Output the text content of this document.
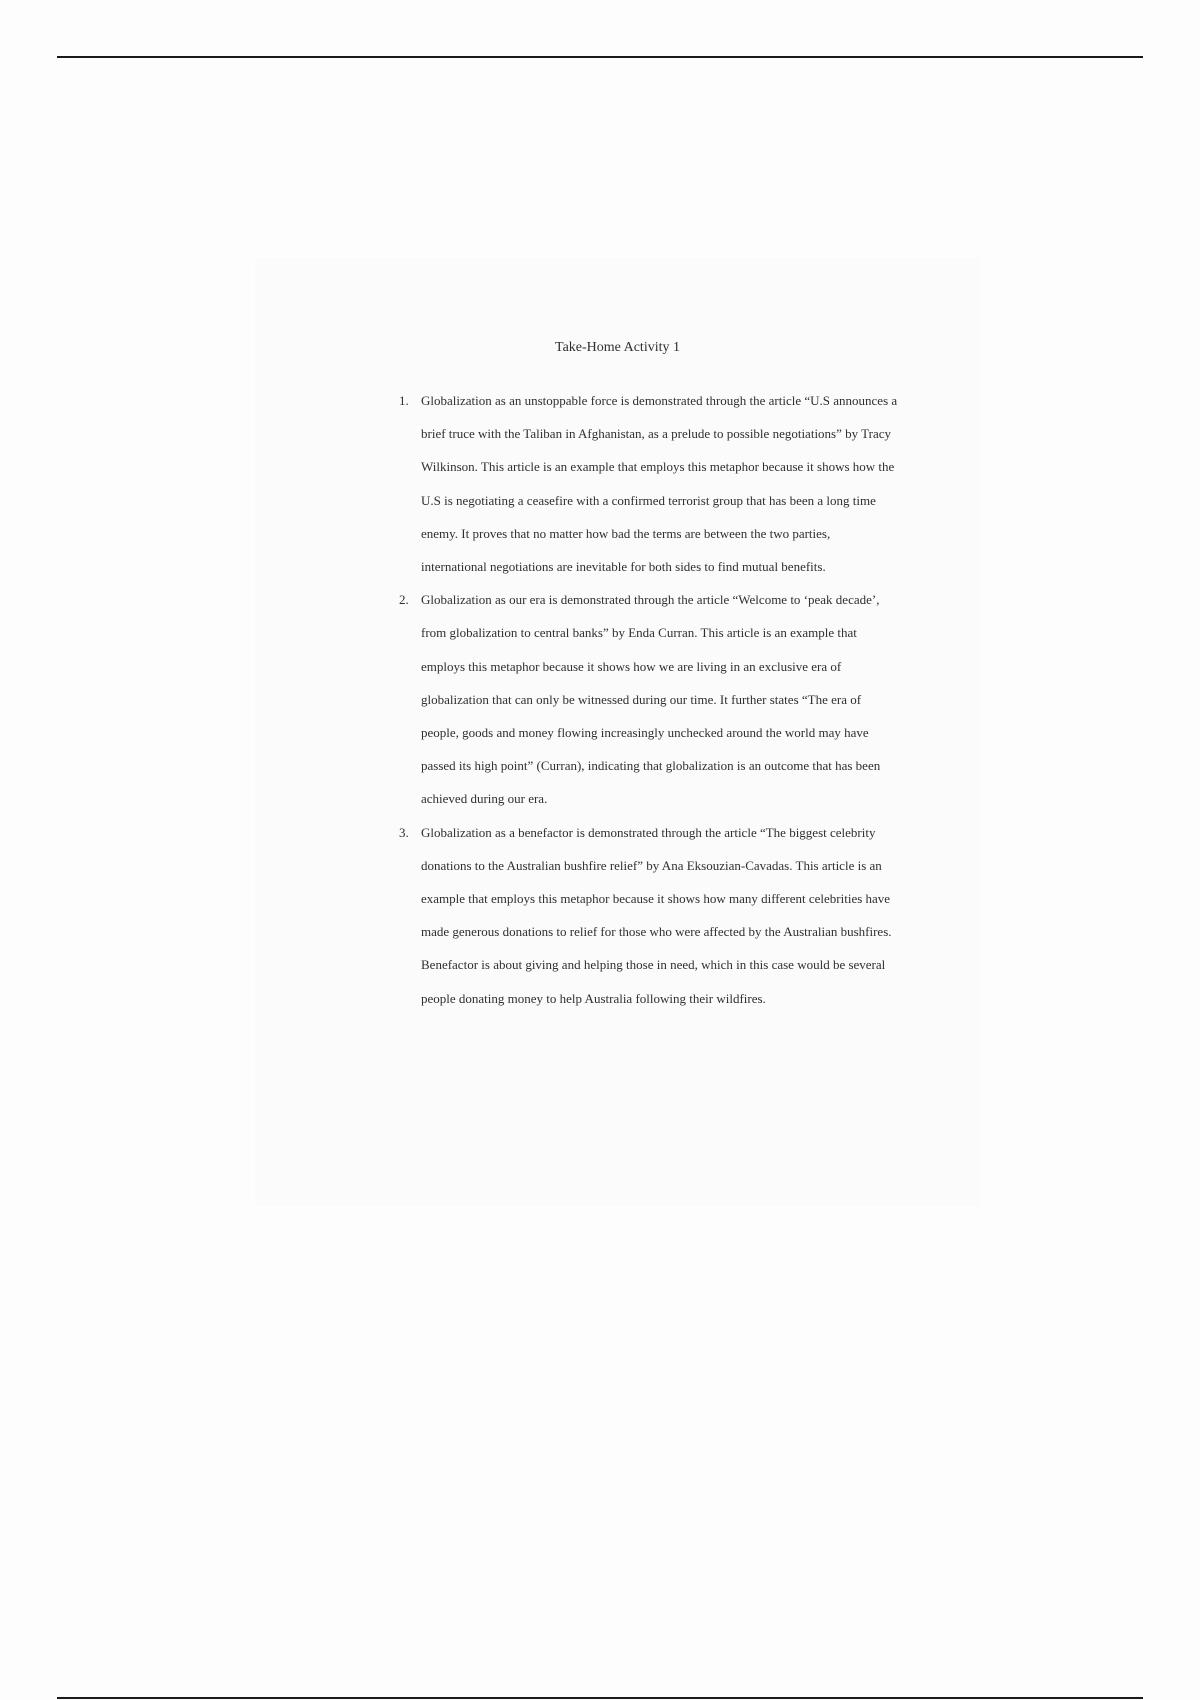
Take-Home Activity 1
1. Globalization as an unstoppable force is demonstrated through the article “U.S announces a brief truce with the Taliban in Afghanistan, as a prelude to possible negotiations” by Tracy Wilkinson. This article is an example that employs this metaphor because it shows how the U.S is negotiating a ceasefire with a confirmed terrorist group that has been a long time enemy. It proves that no matter how bad the terms are between the two parties, international negotiations are inevitable for both sides to find mutual benefits.
2. Globalization as our era is demonstrated through the article “Welcome to ‘peak decade’, from globalization to central banks” by Enda Curran. This article is an example that employs this metaphor because it shows how we are living in an exclusive era of globalization that can only be witnessed during our time. It further states “The era of people, goods and money flowing increasingly unchecked around the world may have passed its high point” (Curran), indicating that globalization is an outcome that has been achieved during our era.
3. Globalization as a benefactor is demonstrated through the article “The biggest celebrity donations to the Australian bushfire relief” by Ana Eksouzian-Cavadas. This article is an example that employs this metaphor because it shows how many different celebrities have made generous donations to relief for those who were affected by the Australian bushfires. Benefactor is about giving and helping those in need, which in this case would be several people donating money to help Australia following their wildfires.
